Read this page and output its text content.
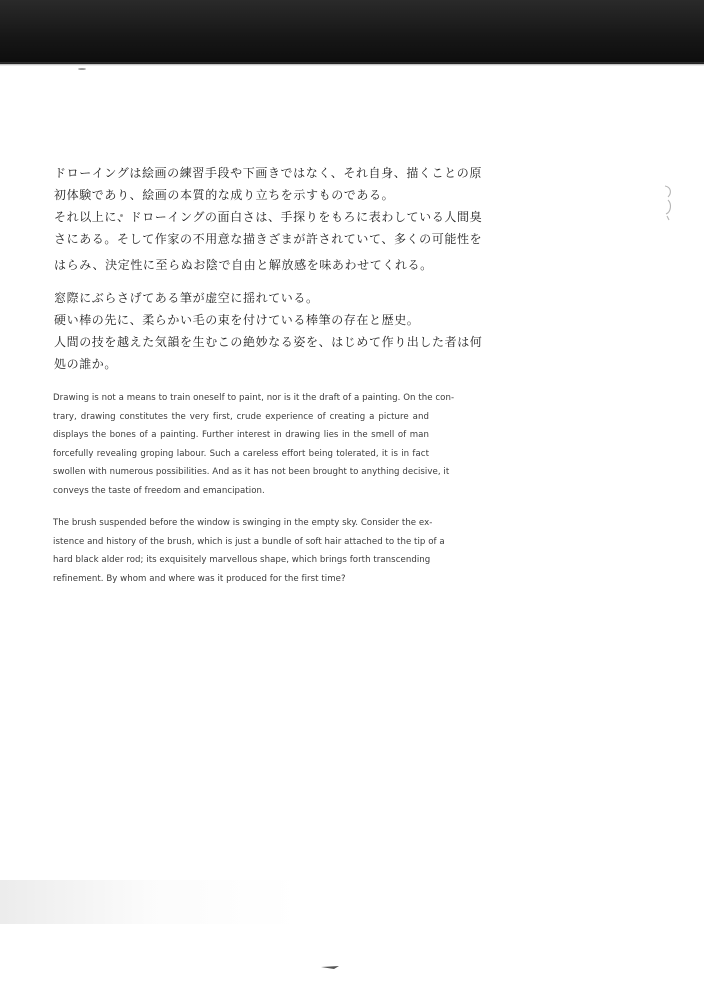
ドローイングは絵画の練習手段や下画きではなく、それ自身、描くことの原

初体験であり、絵画の本質的な成り立ちを示すものである。

それ以上に、ドローイングの面白さは、手探りをもろに表わしている人間臭

さにある。そして作家の不用意な描きざまが許されていて、多くの可能性を

はらみ、決定性に至らぬお陰で自由と解放感を味あわせてくれる。

窓際にぶらさげてある筆が虚空に揺れている。

硬い棒の先に、柔らかい毛の束を付けている棒筆の存在と歴史。

人間の技を越えた気韻を生むこの絶妙なる姿を、はじめて作り出した者は何

処の誰か。

Drawing is not a means to train oneself to paint, nor is it the draft of a painting. On the con-

trary, drawing constitutes the very first, crude experience of creating a picture and

displays the bones of a painting. Further interest in drawing lies in the smell of man

forcefully revealing groping labour. Such a careless effort being tolerated, it is in fact

swollen with numerous possibilities. And as it has not been brought to anything decisive, it

conveys the taste of freedom and emancipation.

The brush suspended before the window is swinging in the empty sky. Consider the ex-

istence and history of the brush, which is just a bundle of soft hair attached to the tip of a

hard black alder rod; its exquisitely marvellous shape, which brings forth transcending

refinement. By whom and where was it produced for the first time?
